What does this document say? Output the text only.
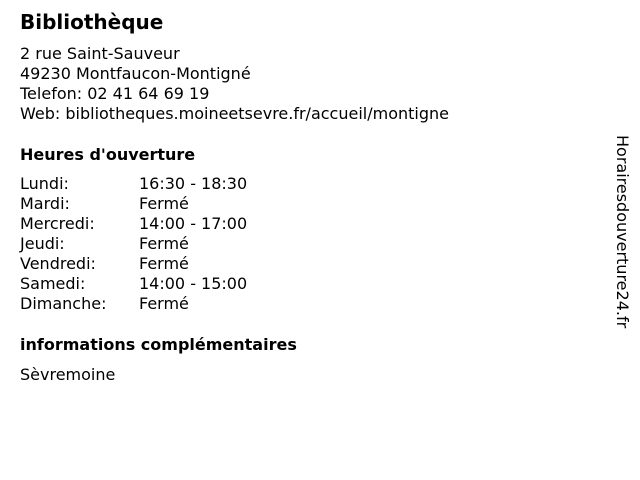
Bibliothèque
2 rue Saint-Sauveur
49230 Montfaucon-Montigné
Telefon: 02 41 64 69 19
Web: bibliotheques.moineetsevre.fr/accueil/montigne
Heures d'ouverture
Lundi:	16:30 - 18:30
Mardi:	Fermé
Mercredi:	14:00 - 17:00
Jeudi:	Fermé
Vendredi:	Fermé
Samedi:	14:00 - 15:00
Dimanche:	Fermé
informations complémentaires
Sèvremoine
Horairesdouverture24.fr
